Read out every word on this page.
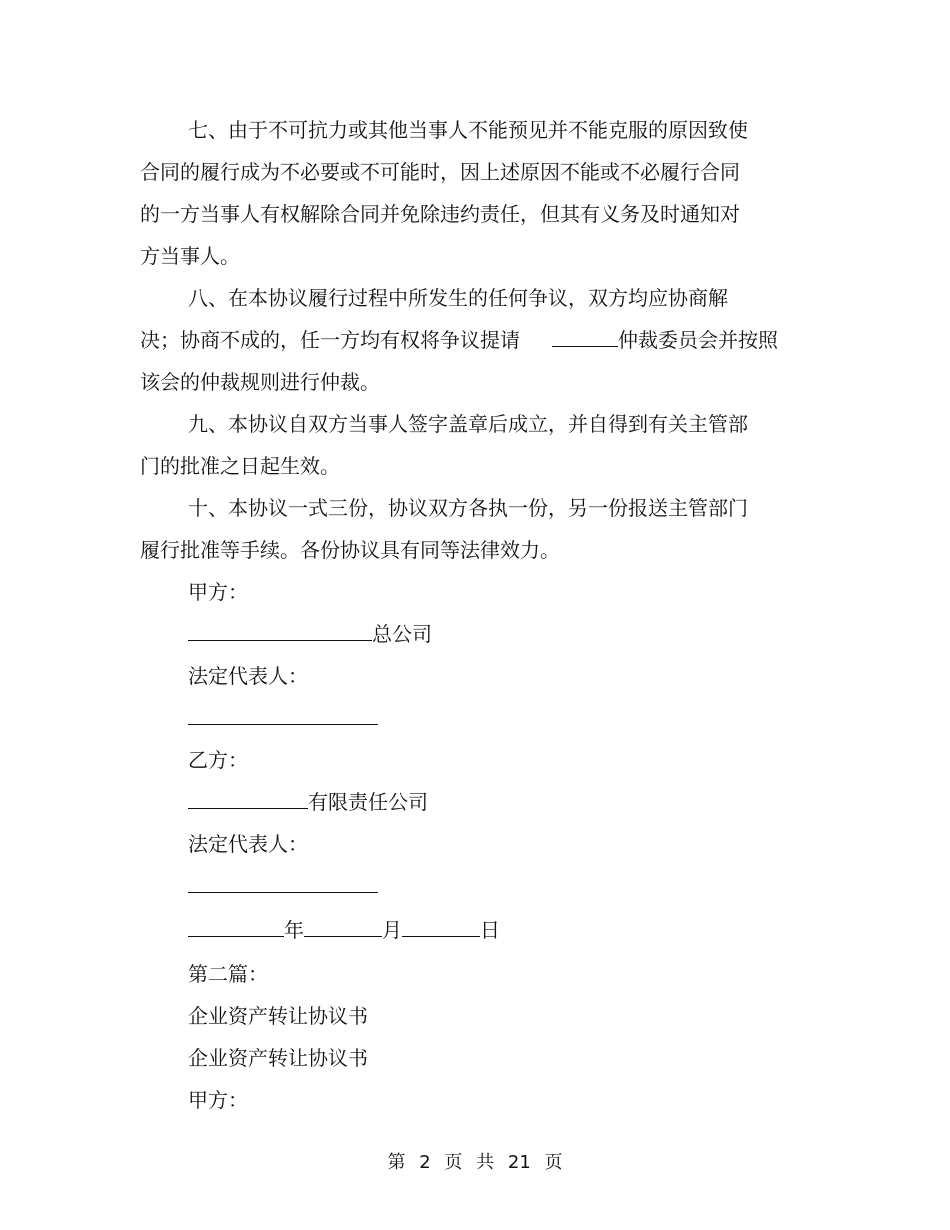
七、由于不可抗力或其他当事人不能预见并不能克服的原因致使
合同的履行成为不必要或不可能时，因上述原因不能或不必履行合同
的一方当事人有权解除合同并免除违约责任，但其有义务及时通知对
方当事人。
八、在本协议履行过程中所发生的任何争议，双方均应协商解
决；协商不成的，任一方均有权将争议提请	仲裁委员会并按照
该会的仲裁规则进行仲裁。
九、本协议自双方当事人签字盖章后成立，并自得到有关主管部
门的批准之日起生效。
十、本协议一式三份，协议双方各执一份，另一份报送主管部门
履行批准等手续。各份协议具有同等法律效力。
甲方：
总公司
法定代表人：
乙方：
有限责任公司
法定代表人：
年	月	日
第二篇：
企业资产转让协议书
企业资产转让协议书
甲方：
第 2 页 共 21 页
